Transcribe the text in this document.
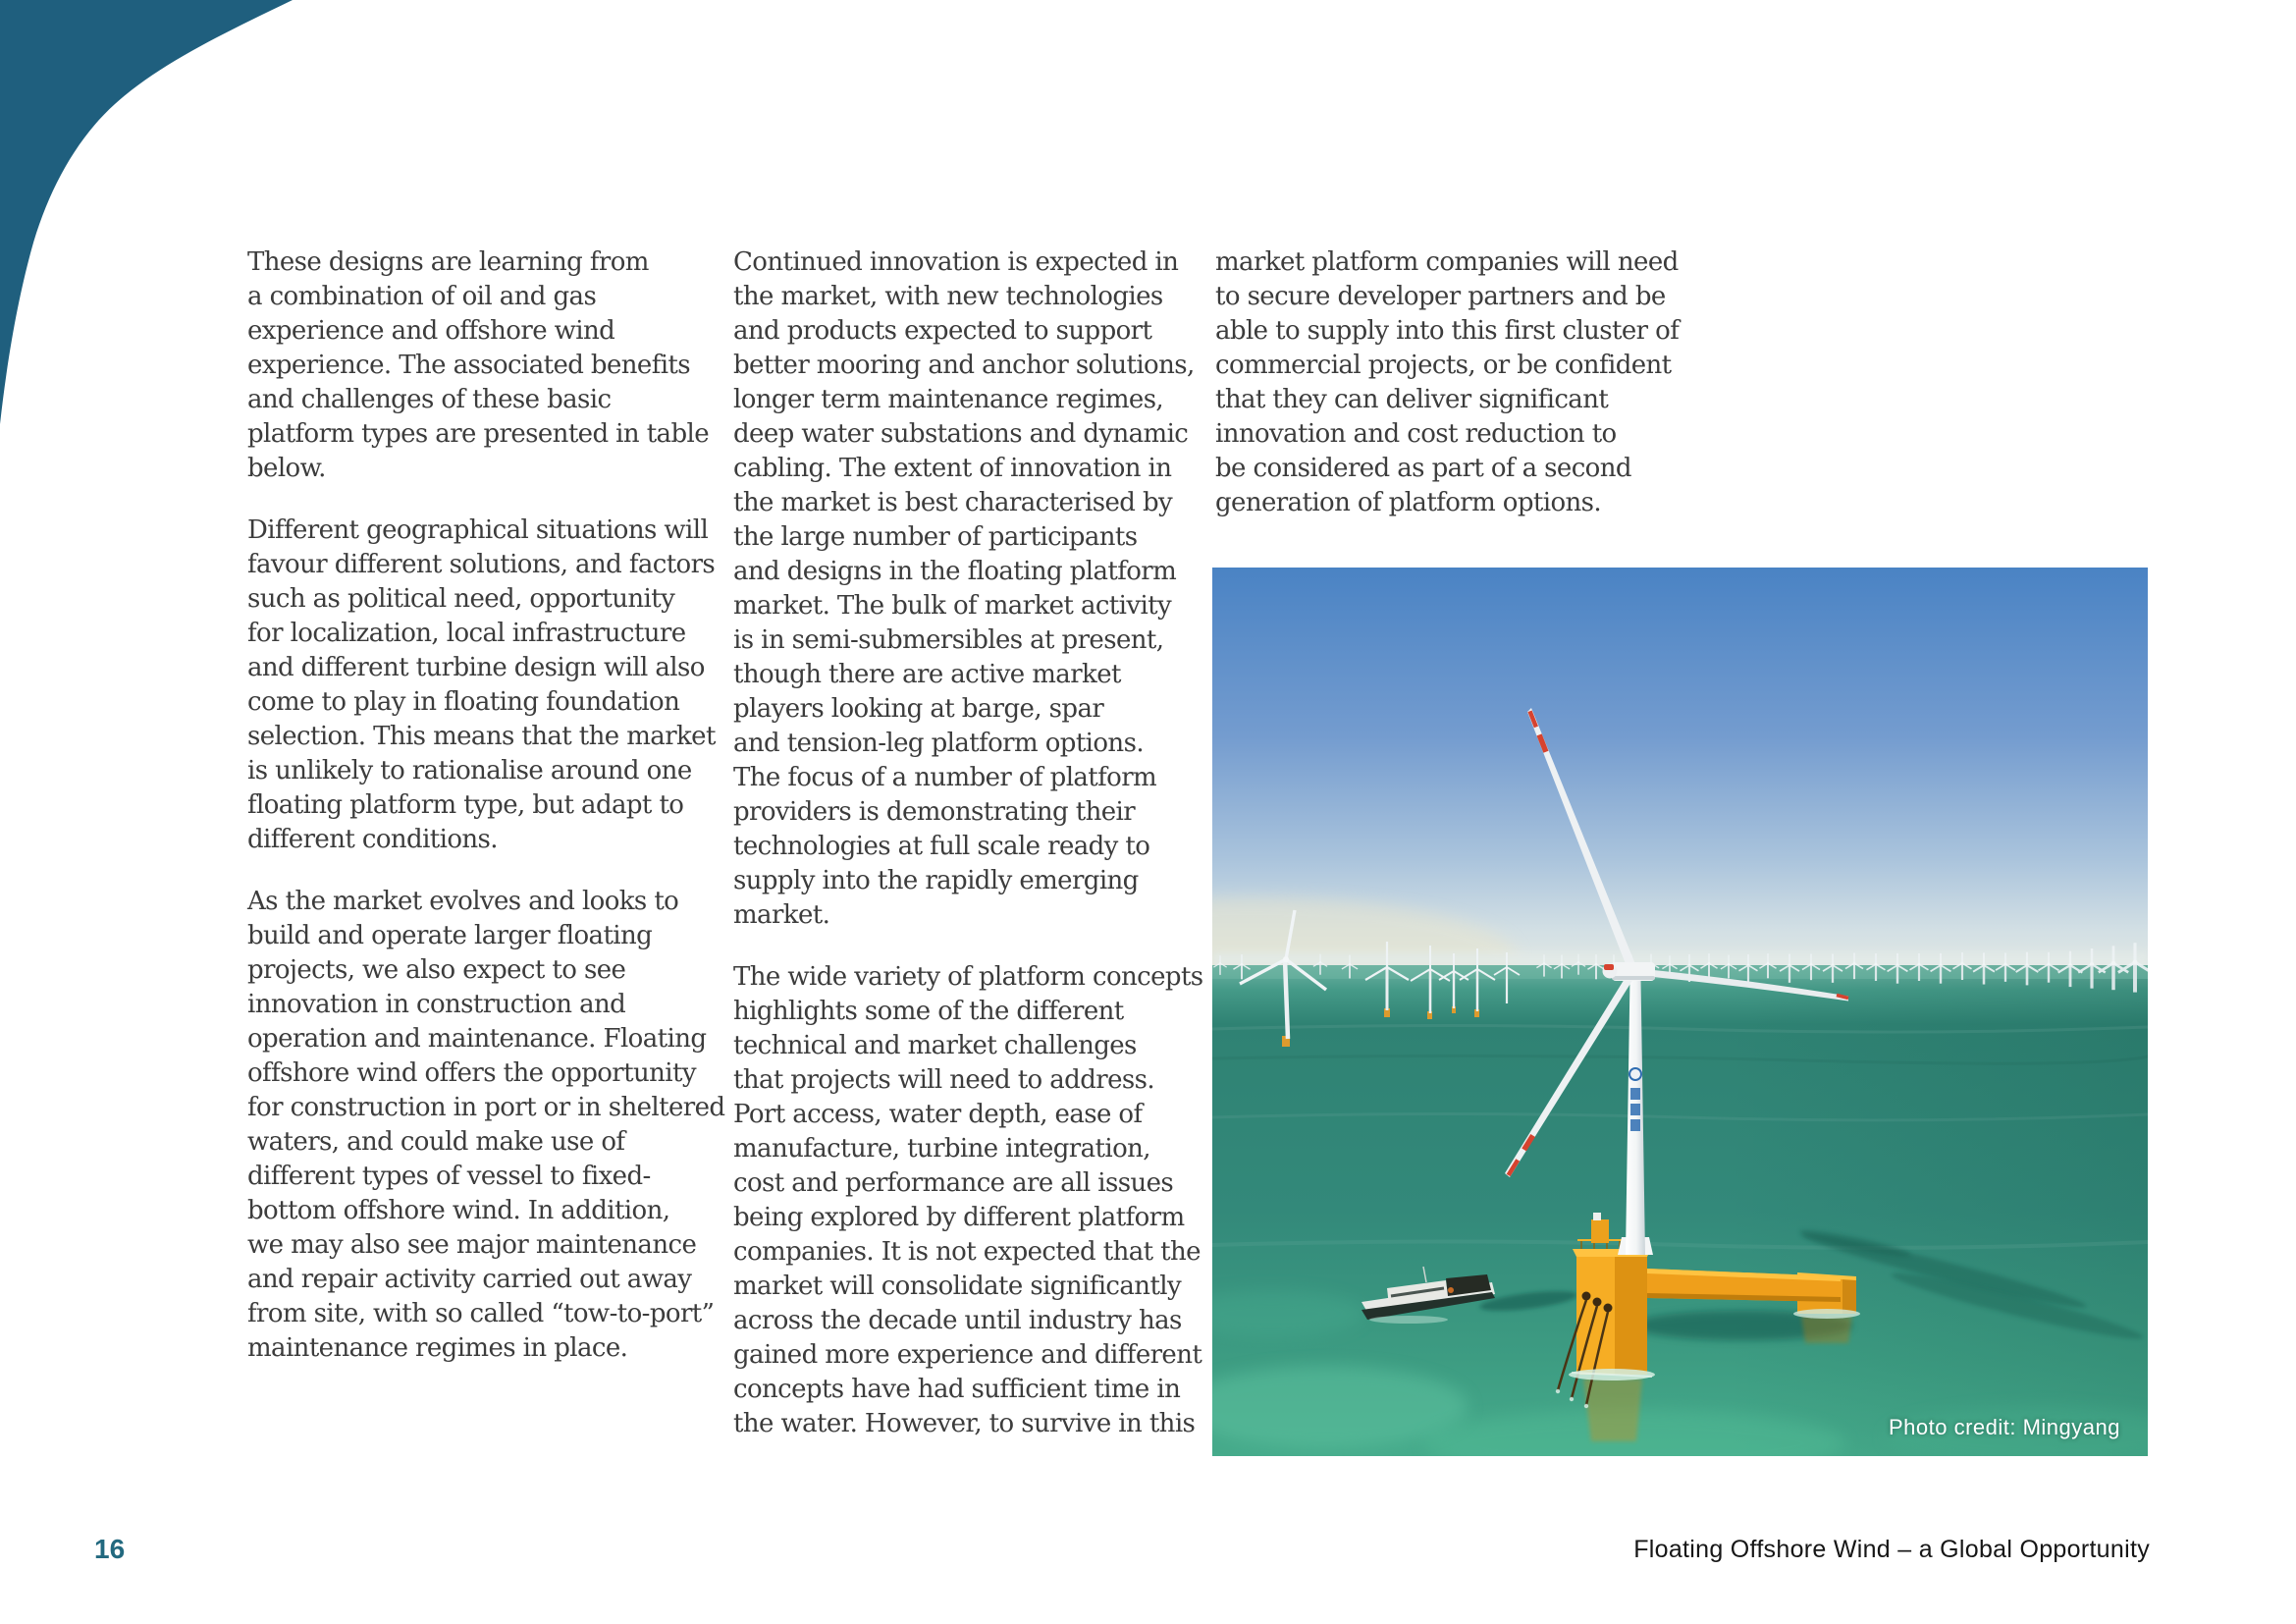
These designs are learning from
a combination of oil and gas
experience and offshore wind
experience. The associated benefits
and challenges of these basic
platform types are presented in table
below.
Different geographical situations will
favour different solutions, and factors
such as political need, opportunity
for localization, local infrastructure
and different turbine design will also
come to play in floating foundation
selection. This means that the market
is unlikely to rationalise around one
floating platform type, but adapt to
different conditions.
As the market evolves and looks to
build and operate larger floating
projects, we also expect to see
innovation in construction and
operation and maintenance. Floating
offshore wind offers the opportunity
for construction in port or in sheltered
waters, and could make use of
different types of vessel to fixed-
bottom offshore wind. In addition,
we may also see major maintenance
and repair activity carried out away
from site, with so called “tow-to-port”
maintenance regimes in place.
Continued innovation is expected in
the market, with new technologies
and products expected to support
better mooring and anchor solutions,
longer term maintenance regimes,
deep water substations and dynamic
cabling. The extent of innovation in
the market is best characterised by
the large number of participants
and designs in the floating platform
market. The bulk of market activity
is in semi-submersibles at present,
though there are active market
players looking at barge, spar
and tension-leg platform options.
The focus of a number of platform
providers is demonstrating their
technologies at full scale ready to
supply into the rapidly emerging
market.
The wide variety of platform concepts
highlights some of the different
technical and market challenges
that projects will need to address.
Port access, water depth, ease of
manufacture, turbine integration,
cost and performance are all issues
being explored by different platform
companies. It is not expected that the
market will consolidate significantly
across the decade until industry has
gained more experience and different
concepts have had sufficient time in
the water. However, to survive in this
market platform companies will need
to secure developer partners and be
able to supply into this first cluster of
commercial projects, or be confident
that they can deliver significant
innovation and cost reduction to
be considered as part of a second
generation of platform options.
Photo credit: Mingyang
16	Floating Offshore Wind – a Global Opportunity
